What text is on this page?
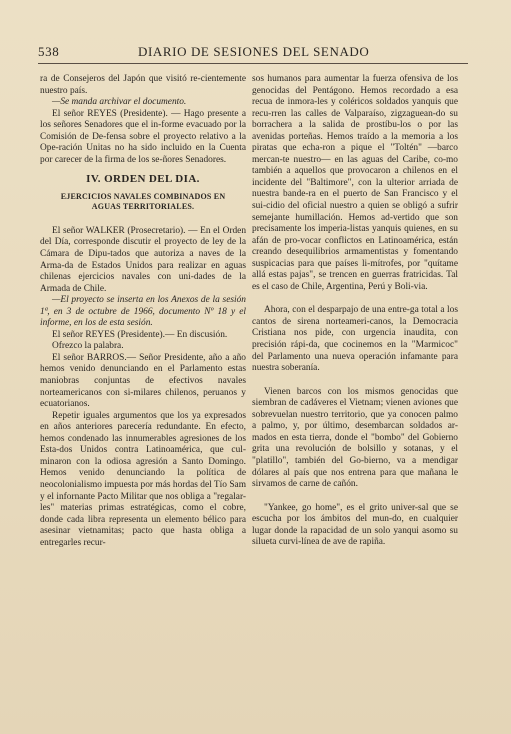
538	DIARIO DE SESIONES DEL SENADO

ra de Consejeros del Japón que visitó re-cientemente nuestro país.

—Se manda archivar el documento.

El señor REYES (Presidente). — Hago presente a los señores Senadores que el in-forme evacuado por la Comisión de De-fensa sobre el proyecto relativo a la Ope-ración Unitas no ha sido incluido en la Cuenta por carecer de la firma de los se-ñores Senadores.

IV. ORDEN DEL DIA.
EJERCICIOS NAVALES COMBINADOS EN AGUAS TERRITORIALES.

El señor WALKER (Prosecretario). — En el Orden del Día, corresponde discutir el proyecto de ley de la Cámara de Dipu-tados que autoriza a naves de la Arma-da de Estados Unidos para realizar en aguas chilenas ejercicios navales con uni-dades de la Armada de Chile.

—El proyecto se inserta en los Anexos de la sesión 1ª, en 3 de octubre de 1966, documento Nº 18 y el informe, en los de esta sesión.

El señor REYES (Presidente).— En discusión.

Ofrezco la palabra.

El señor BARROS.— Señor Presidente, año a año hemos venido denunciando en el Parlamento estas maniobras conjuntas de efectivos navales norteamericanos con si-milares chilenos, peruanos y ecuatorianos.

Repetir iguales argumentos que los ya expresados en años anteriores parecería redundante. En efecto, hemos condenado las innumerables agresiones de los Esta-dos Unidos contra Latinoamérica, que cul-minaron con la odiosa agresión a Santo Domingo. Hemos venido denunciando la política de neocolonialismo impuesta por más hordas del Tío Sam y el infornante Pacto Militar que nos obliga a "regalar-les" materias primas estratégicas, como el cobre, donde cada libra representa un elemento bélico para asesinar vietnamitas; pacto que hasta obliga a entregarles recur-

sos humanos para aumentar la fuerza ofensiva de los genocidas del Pentágono. Hemos recordado a esa recua de inmora-les y coléricos soldados yanquis que recu-rren las calles de Valparaíso, zigzaguean-do su borrachera a la salida de prostíbu-los o por las avenidas porteñas. Hemos traído a la memoria a los piratas que echa-ron a pique el "Toltén" —barco mercan-te nuestro— en las aguas del Caribe, co-mo también a aquellos que provocaron a chilenos en el incidente del "Baltimore", con la ulterior arriada de nuestra bande-ra en el puerto de San Francisco y el sui-cidio del oficial nuestro a quien se obligó a sufrir semejante humillación. Hemos ad-vertido que son precisamente los imperia-listas yanquis quienes, en su afán de pro-vocar conflictos en Latinoamérica, están creando desequilibrios armamentistas y fomentando suspicacias para que países li-mítrofes, por "quítame allá estas pajas", se trencen en guerras fratricidas. Tal es el caso de Chile, Argentina, Perú y Boli-via.

Ahora, con el desparpajo de una entre-ga total a los cantos de sirena norteameri-canos, la Democracia Cristiana nos pide, con urgencia inaudita, con precisión rápi-da, que cocinemos en la "Marmicoc" del Parlamento una nueva operación infamante para nuestra soberanía.

Vienen barcos con los mismos genocidas que siembran de cadáveres el Vietnam; vienen aviones que sobrevuelan nuestro territorio, que ya conocen palmo a palmo, y, por último, desembarcan soldados ar-mados en esta tierra, donde el "bombo" del Gobierno grita una revolución de bolsillo y sotanas, y el "platillo", también del Go-bierno, va a mendigar dólares al país que nos entrena para que mañana le sirvamos de carne de cañón.

"Yankee, go home", es el grito univer-sal que se escucha por los ámbitos del mun-do, en cualquier lugar donde la rapacidad de un solo yanqui asomo su silueta curvi-línea de ave de rapiña.
